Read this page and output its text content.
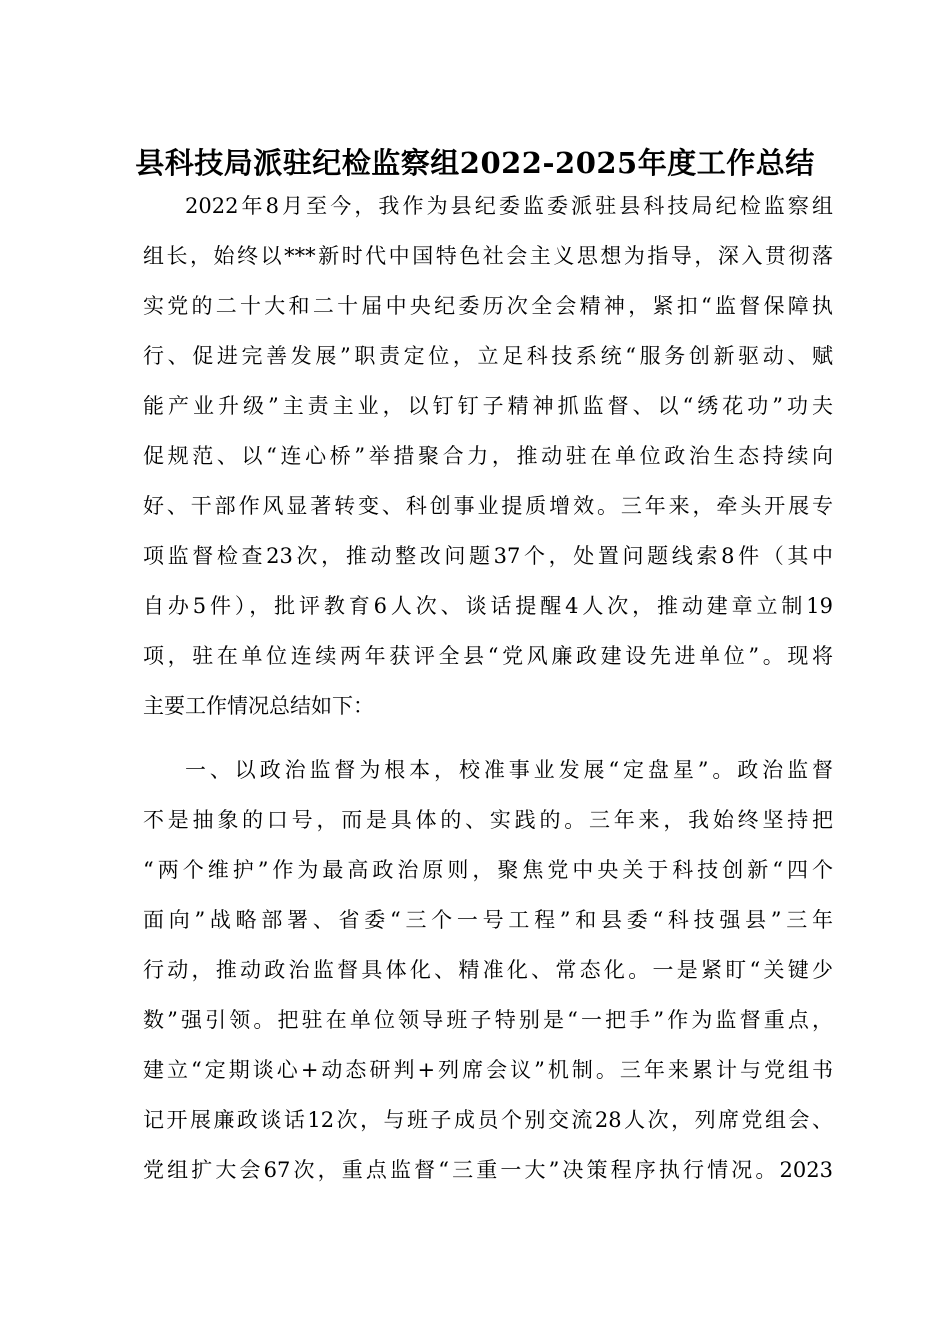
县科技局派驻纪检监察组2022-2025年度工作总结
2022年8月至今，我作为县纪委监委派驻县科技局纪检监察组
组长，始终以***新时代中国特色社会主义思想为指导，深入贯彻落
实党的二十大和二十届中央纪委历次全会精神，紧扣“监督保障执
行、促进完善发展”职责定位，立足科技系统“服务创新驱动、赋
能产业升级”主责主业，以钉钉子精神抓监督、以“绣花功”功夫
促规范、以“连心桥”举措聚合力，推动驻在单位政治生态持续向
好、干部作风显著转变、科创事业提质增效。三年来，牵头开展专
项监督检查23次，推动整改问题37个，处置问题线索8件（其中
自办5件），批评教育6人次、谈话提醒4人次，推动建章立制19
项，驻在单位连续两年获评全县“党风廉政建设先进单位”。现将
主要工作情况总结如下：
一、以政治监督为根本，校准事业发展“定盘星”。政治监督
不是抽象的口号，而是具体的、实践的。三年来，我始终坚持把
“两个维护”作为最高政治原则，聚焦党中央关于科技创新“四个
面向”战略部署、省委“三个一号工程”和县委“科技强县”三年
行动，推动政治监督具体化、精准化、常态化。一是紧盯“关键少
数”强引领。把驻在单位领导班子特别是“一把手”作为监督重点，
建立“定期谈心+动态研判+列席会议”机制。三年来累计与党组书
记开展廉政谈话12次，与班子成员个别交流28人次，列席党组会、
党组扩大会67次，重点监督“三重一大”决策程序执行情况。2023
